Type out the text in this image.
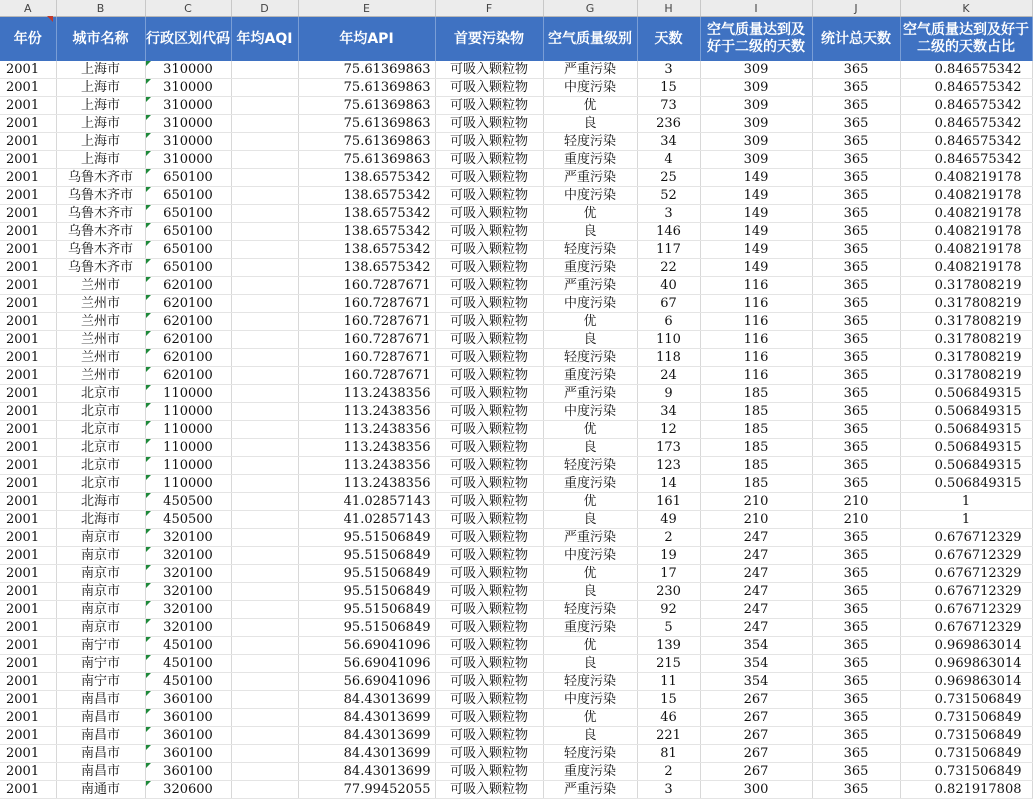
A	B	C	D	E	F	G	H	I	J	K
年份	城市名称	行政区划代码	年均AQI	年均API	首要污染物	空气质量级别	天数	空气质量达到及好于二级的天数	统计总天数	空气质量达到及好于二级的天数占比
2001	上海市	310000		75.61369863	可吸入颗粒物	严重污染	3	309	365	0.846575342
2001	上海市	310000		75.61369863	可吸入颗粒物	中度污染	15	309	365	0.846575342
2001	上海市	310000		75.61369863	可吸入颗粒物	优	73	309	365	0.846575342
2001	上海市	310000		75.61369863	可吸入颗粒物	良	236	309	365	0.846575342
2001	上海市	310000		75.61369863	可吸入颗粒物	轻度污染	34	309	365	0.846575342
2001	上海市	310000		75.61369863	可吸入颗粒物	重度污染	4	309	365	0.846575342
2001	乌鲁木齐市	650100		138.6575342	可吸入颗粒物	严重污染	25	149	365	0.408219178
2001	乌鲁木齐市	650100		138.6575342	可吸入颗粒物	中度污染	52	149	365	0.408219178
2001	乌鲁木齐市	650100		138.6575342	可吸入颗粒物	优	3	149	365	0.408219178
2001	乌鲁木齐市	650100		138.6575342	可吸入颗粒物	良	146	149	365	0.408219178
2001	乌鲁木齐市	650100		138.6575342	可吸入颗粒物	轻度污染	117	149	365	0.408219178
2001	乌鲁木齐市	650100		138.6575342	可吸入颗粒物	重度污染	22	149	365	0.408219178
2001	兰州市	620100		160.7287671	可吸入颗粒物	严重污染	40	116	365	0.317808219
2001	兰州市	620100		160.7287671	可吸入颗粒物	中度污染	67	116	365	0.317808219
2001	兰州市	620100		160.7287671	可吸入颗粒物	优	6	116	365	0.317808219
2001	兰州市	620100		160.7287671	可吸入颗粒物	良	110	116	365	0.317808219
2001	兰州市	620100		160.7287671	可吸入颗粒物	轻度污染	118	116	365	0.317808219
2001	兰州市	620100		160.7287671	可吸入颗粒物	重度污染	24	116	365	0.317808219
2001	北京市	110000		113.2438356	可吸入颗粒物	严重污染	9	185	365	0.506849315
2001	北京市	110000		113.2438356	可吸入颗粒物	中度污染	34	185	365	0.506849315
2001	北京市	110000		113.2438356	可吸入颗粒物	优	12	185	365	0.506849315
2001	北京市	110000		113.2438356	可吸入颗粒物	良	173	185	365	0.506849315
2001	北京市	110000		113.2438356	可吸入颗粒物	轻度污染	123	185	365	0.506849315
2001	北京市	110000		113.2438356	可吸入颗粒物	重度污染	14	185	365	0.506849315
2001	北海市	450500		41.02857143	可吸入颗粒物	优	161	210	210	1
2001	北海市	450500		41.02857143	可吸入颗粒物	良	49	210	210	1
2001	南京市	320100		95.51506849	可吸入颗粒物	严重污染	2	247	365	0.676712329
2001	南京市	320100		95.51506849	可吸入颗粒物	中度污染	19	247	365	0.676712329
2001	南京市	320100		95.51506849	可吸入颗粒物	优	17	247	365	0.676712329
2001	南京市	320100		95.51506849	可吸入颗粒物	良	230	247	365	0.676712329
2001	南京市	320100		95.51506849	可吸入颗粒物	轻度污染	92	247	365	0.676712329
2001	南京市	320100		95.51506849	可吸入颗粒物	重度污染	5	247	365	0.676712329
2001	南宁市	450100		56.69041096	可吸入颗粒物	优	139	354	365	0.969863014
2001	南宁市	450100		56.69041096	可吸入颗粒物	良	215	354	365	0.969863014
2001	南宁市	450100		56.69041096	可吸入颗粒物	轻度污染	11	354	365	0.969863014
2001	南昌市	360100		84.43013699	可吸入颗粒物	中度污染	15	267	365	0.731506849
2001	南昌市	360100		84.43013699	可吸入颗粒物	优	46	267	365	0.731506849
2001	南昌市	360100		84.43013699	可吸入颗粒物	良	221	267	365	0.731506849
2001	南昌市	360100		84.43013699	可吸入颗粒物	轻度污染	81	267	365	0.731506849
2001	南昌市	360100		84.43013699	可吸入颗粒物	重度污染	2	267	365	0.731506849
2001	南通市	320600		77.99452055	可吸入颗粒物	严重污染	3	300	365	0.821917808
